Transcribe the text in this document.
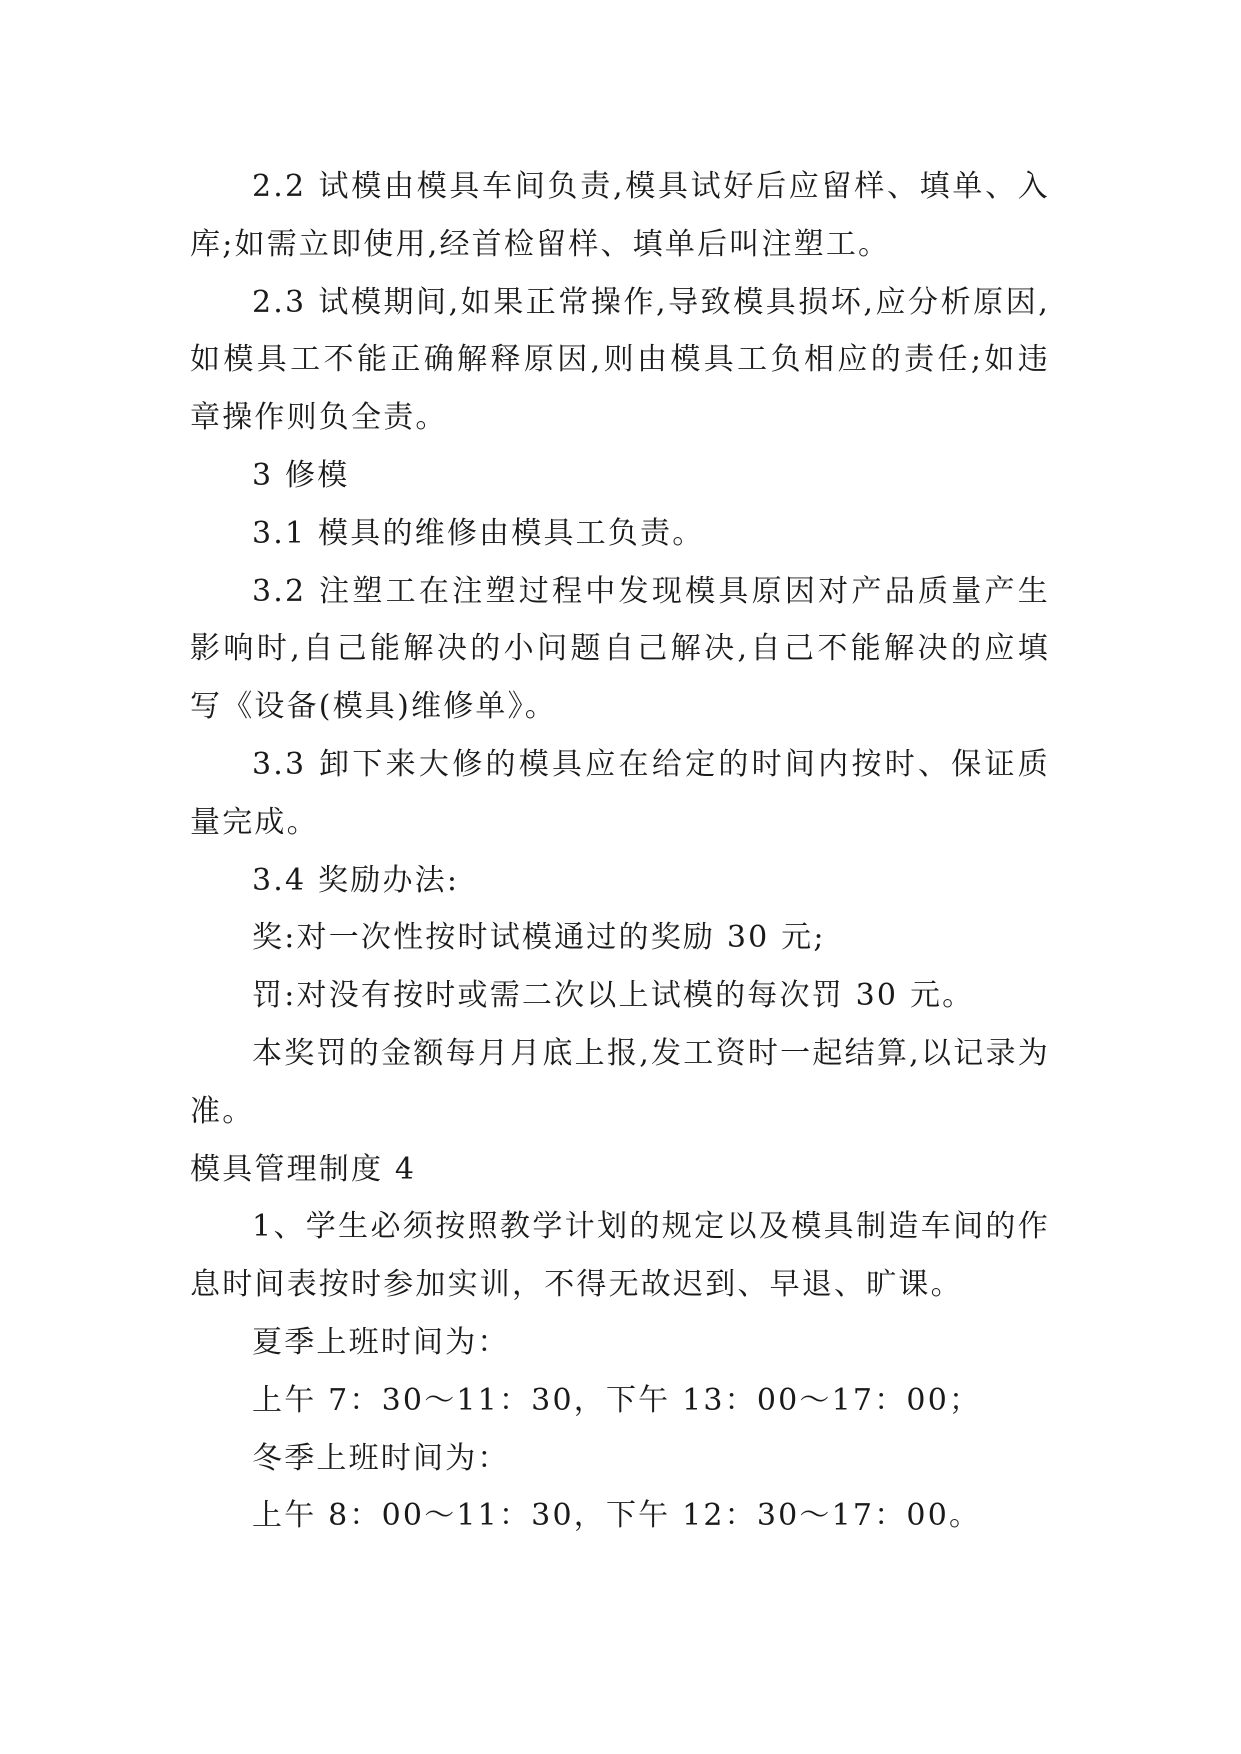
2.2 试模由模具车间负责,模具试好后应留样、填单、入库;如需立即使用,经首检留样、填单后叫注塑工。

2.3 试模期间,如果正常操作,导致模具损坏,应分析原因,如模具工不能正确解释原因,则由模具工负相应的责任;如违章操作则负全责。

3 修模

3.1 模具的维修由模具工负责。

3.2 注塑工在注塑过程中发现模具原因对产品质量产生影响时,自己能解决的小问题自己解决,自己不能解决的应填写《设备(模具)维修单》。

3.3 卸下来大修的模具应在给定的时间内按时、保证质量完成。

3.4 奖励办法:

奖:对一次性按时试模通过的奖励 30 元;

罚:对没有按时或需二次以上试模的每次罚 30 元。

本奖罚的金额每月月底上报,发工资时一起结算,以记录为准。

模具管理制度 4

1、学生必须按照教学计划的规定以及模具制造车间的作息时间表按时参加实训，不得无故迟到、早退、旷课。

夏季上班时间为：

上午 7：30～11：30，下午 13：00～17：00；

冬季上班时间为：

上午 8：00～11：30，下午 12：30～17：00。
